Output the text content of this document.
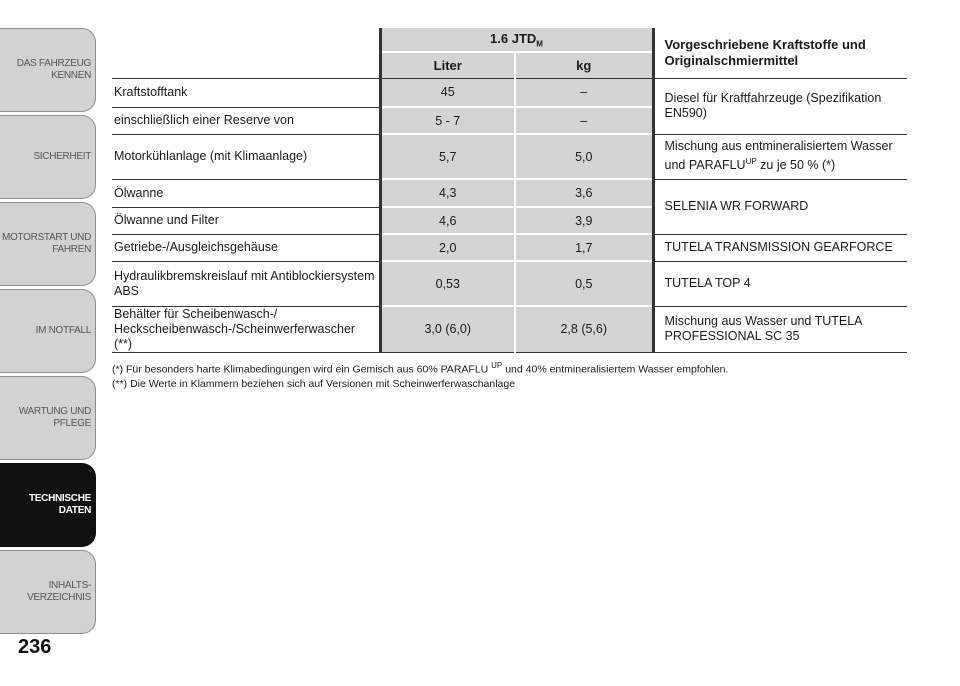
DAS FAHRZEUG
KENNEN
SICHERHEIT
MOTORSTART UND
FAHREN
IM NOTFALL
WARTUNG UND
PFLEGE
TECHNISCHE
DATEN
INHALTS-
VERZEICHNIS
236
	1.6 $JTD_M$		Vorgeschriebene Kraftstoffe und Originalschmiermittel
	Liter	kg	
Kraftstofftank	45	–	Diesel für Kraftfahrzeuge (Spezifikation EN590)
einschließlich einer Reserve von	5 - 7	–	
Motorkühlanlage (mit Klimaanlage)	5,7	5,0	Mischung aus entmineralisiertem Wasser und $PARAFLU^{UP}$ zu je 50 % (*)
Ölwanne	4,3	3,6	SELENIA WR FORWARD
Ölwanne und Filter	4,6	3,9	
Getriebe-/Ausgleichsgehäuse	2,0	1,7	TUTELA TRANSMISSION GEARFORCE
Hydraulikbremskreislauf mit Antiblockiersystem ABS	0,53	0,5	TUTELA TOP 4
Behälter für Scheibenwasch-/ Heckscheibenwasch-/Scheinwerferwascher (**)	3,0 (6,0)	2,8 (5,6)	Mischung aus Wasser und TUTELA PROFESSIONAL SC 35
(*) Für besonders harte Klimabedingungen wird ein Gemisch aus 60% PARAFLU $^{UP}$ und 40% entmineralisiertem Wasser empfohlen.
(**) Die Werte in Klammern beziehen sich auf Versionen mit Scheinwerferwaschanlage
